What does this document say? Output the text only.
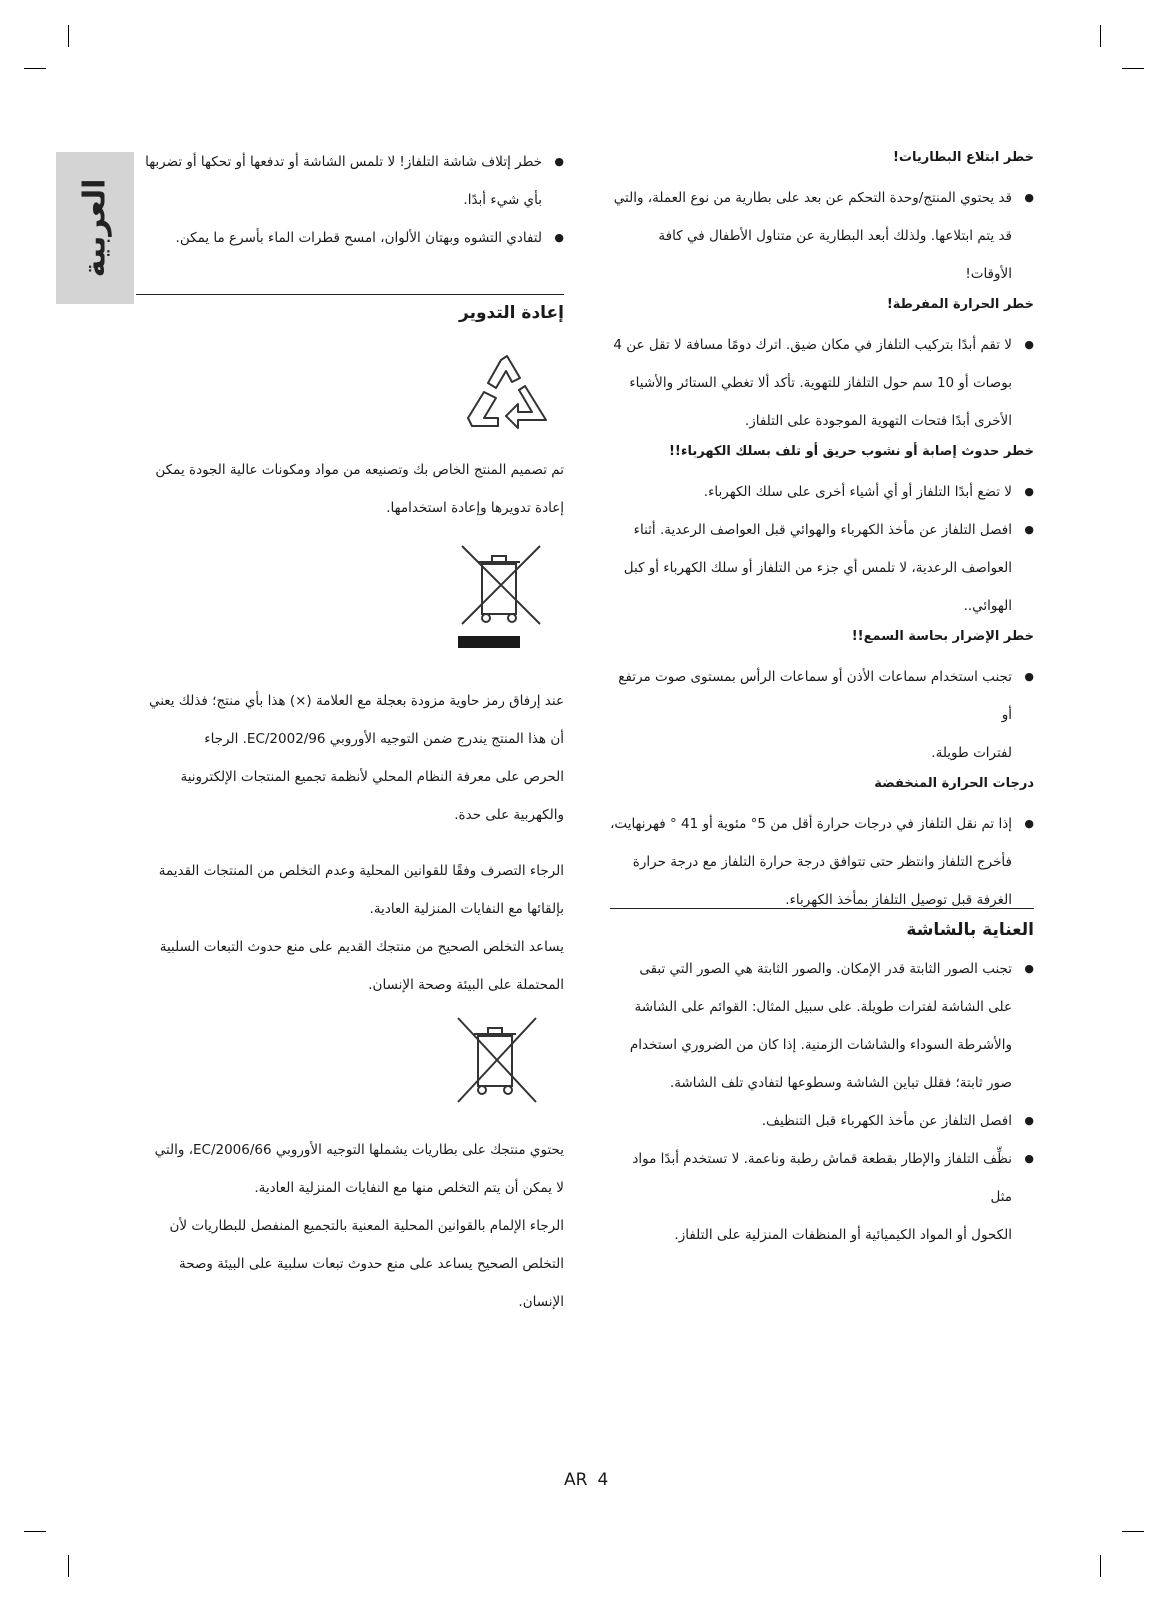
العربية

خطر ابتلاع البطاريات!

● قد يحتوي المنتج/وحدة التحكم عن بعد على بطارية من نوع العملة، والتي
قد يتم ابتلاعها. ولذلك أبعد البطارية عن متناول الأطفال في كافة الأوقات!

خطر الحرارة المفرطة!

● لا تقم أبدًا بتركيب التلفاز في مكان ضيق. اترك دومًا مسافة لا تقل عن 4
بوصات أو 10 سم حول التلفاز للتهوية. تأكد ألا تغطي الستائر والأشياء
الأخرى أبدًا فتحات التهوية الموجودة على التلفاز.

خطر حدوث إصابة أو نشوب حريق أو تلف بسلك الكهرباء!!

● لا تضع أبدًا التلفاز أو أي أشياء أخرى على سلك الكهرباء.
● افصل التلفاز عن مأخذ الكهرباء والهوائي قبل العواصف الرعدية. أثناء
العواصف الرعدية، لا تلمس أي جزء من التلفاز أو سلك الكهرباء أو كبل
الهوائي..

خطر الإضرار بحاسة السمع!!

● تجنب استخدام سماعات الأذن أو سماعات الرأس بمستوى صوت مرتفع أو
لفترات طويلة.

درجات الحرارة المنخفضة

● إذا تم نقل التلفاز في درجات حرارة أقل من 5° مئوية أو 41 ° فهرنهايت،
فأخرج التلفاز وانتظر حتى تتوافق درجة حرارة التلفاز مع درجة حرارة
الغرفة قبل توصيل التلفاز بمأخذ الكهرباء.

العناية بالشاشة

● تجنب الصور الثابتة قدر الإمكان. والصور الثابتة هي الصور التي تبقى
على الشاشة لفترات طويلة. على سبيل المثال: القوائم على الشاشة
والأشرطة السوداء والشاشات الزمنية. إذا كان من الضروري استخدام
صور ثابتة؛ فقلل تباين الشاشة وسطوعها لتفادي تلف الشاشة.
● افصل التلفاز عن مأخذ الكهرباء قبل التنظيف.
● نظِّف التلفاز والإطار بقطعة قماش رطبة وناعمة. لا تستخدم أبدًا مواد مثل
الكحول أو المواد الكيميائية أو المنظفات المنزلية على التلفاز.
● خطر إتلاف شاشة التلفاز! لا تلمس الشاشة أو تدفعها أو تحكها أو تضربها
بأي شيء أبدًا.
● لتفادي التشوه وبهتان الألوان، امسح قطرات الماء بأسرع ما يمكن.

إعادة التدوير

تم تصميم المنتج الخاص بك وتصنيعه من مواد ومكونات عالية الجودة يمكن
إعادة تدويرها وإعادة استخدامها.

عند إرفاق رمز حاوية مزودة بعجلة مع العلامة (×) هذا بأي منتج؛ فذلك يعني
أن هذا المنتج يندرج ضمن التوجيه الأوروبي EC/2002/96. الرجاء
الحرص على معرفة النظام المحلي لأنظمة تجميع المنتجات الإلكترونية
والكهربية على حدة.

الرجاء التصرف وفقًا للقوانين المحلية وعدم التخلص من المنتجات القديمة
بإلقائها مع النفايات المنزلية العادية.

يساعد التخلص الصحيح من منتجك القديم على منع حدوث التبعات السلبية
المحتملة على البيئة وصحة الإنسان.

يحتوي منتجك على بطاريات يشملها التوجيه الأوروبي EC/2006/66، والتي
لا يمكن أن يتم التخلص منها مع النفايات المنزلية العادية.

الرجاء الإلمام بالقوانين المحلية المعنية بالتجميع المنفصل للبطاريات لأن
التخلص الصحيح يساعد على منع حدوث تبعات سلبية على البيئة وصحة
الإنسان.

AR 4
